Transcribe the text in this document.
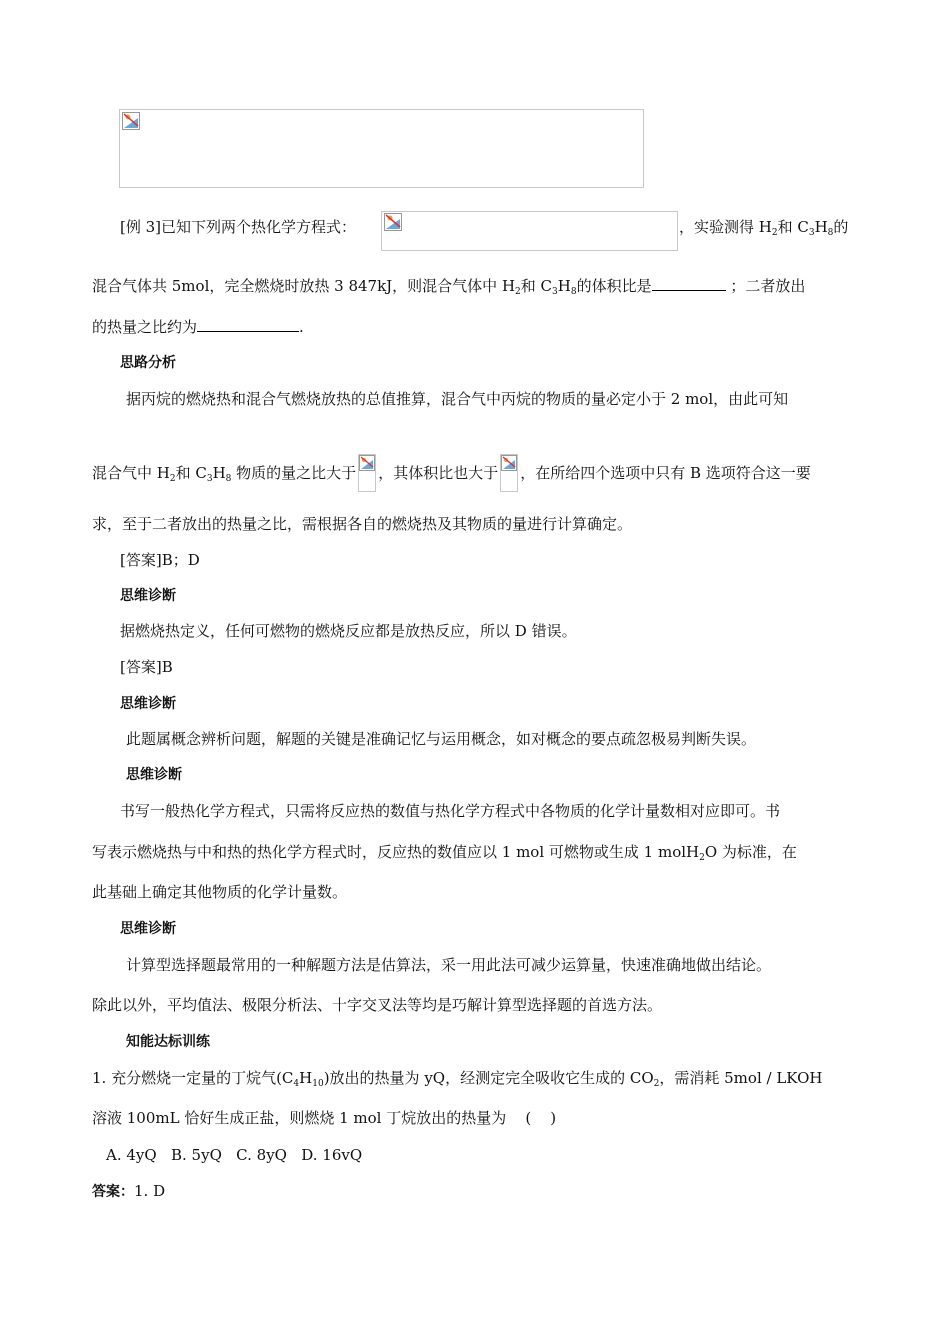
[例 3]已知下列两个热化学方程式：	，实验测得 $H_2$和 $C_3H_8$的
混合气体共 5mol，完全燃烧时放热 3 847kJ，则混合气体中 $H_2$和 $C_3H_8$的体积比是	；二者放出
的热量之比约为	.
思路分析
据丙烷的燃烧热和混合气燃烧放热的总值推算，混合气中丙烷的物质的量必定小于 2 mol，由此可知
混合气中 $H_2$和 $C_3H_8$ 物质的量之比大于 ，其体积比也大于 ，在所给四个选项中只有 B 选项符合这一要
求，至于二者放出的热量之比，需根据各自的燃烧热及其物质的量进行计算确定。
[答案]B；D
思维诊断
据燃烧热定义，任何可燃物的燃烧反应都是放热反应，所以 D 错误。
[答案]B
思维诊断
此题属概念辨析问题，解题的关键是准确记忆与运用概念，如对概念的要点疏忽极易判断失误。
思维诊断
书写一般热化学方程式，只需将反应热的数值与热化学方程式中各物质的化学计量数相对应即可。书
写表示燃烧热与中和热的热化学方程式时，反应热的数值应以 1 mol 可燃物或生成 1 molH$_2$O 为标准，在
此基础上确定其他物质的化学计量数。
思维诊断
计算型选择题最常用的一种解题方法是估算法，采一用此法可减少运算量，快速准确地做出结论。
除此以外，平均值法、极限分析法、十字交叉法等均是巧解计算型选择题的首选方法。
知能达标训练
1. 充分燃烧一定量的丁烷气$(C_4H_{10})$放出的热量为 yQ，经测定完全吸收它生成的 $CO_2$，需消耗 5mol / LKOH
溶液 100mL 恰好生成正盐，则燃烧 1 mol 丁烷放出的热量为    (    )
A. 4yQ   B. 5yQ   C. 8yQ   D. 16vQ
答案：1. D
